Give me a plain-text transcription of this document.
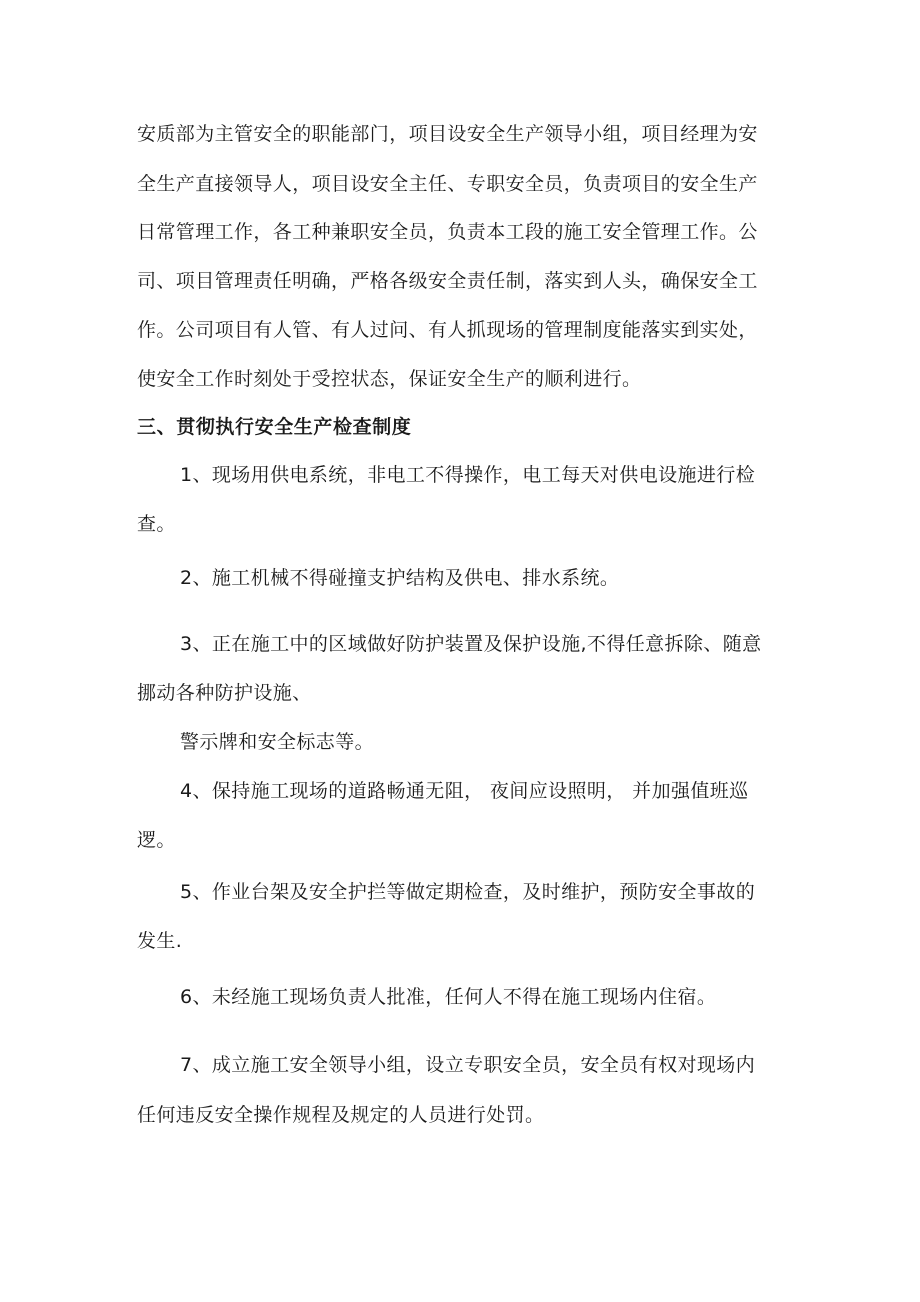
安质部为主管安全的职能部门，项目设安全生产领导小组，项目经理为安
全生产直接领导人，项目设安全主任、专职安全员，负责项目的安全生产
日常管理工作，各工种兼职安全员，负责本工段的施工安全管理工作。公
司、项目管理责任明确，严格各级安全责任制，落实到人头，确保安全工
作。公司项目有人管、有人过问、有人抓现场的管理制度能落实到实处，
使安全工作时刻处于受控状态，保证安全生产的顺利进行。
三、贯彻执行安全生产检查制度
1、现场用供电系统，非电工不得操作，电工每天对供电设施进行检
查。
2、施工机械不得碰撞支护结构及供电、排水系统。
3、正在施工中的区域做好防护装置及保护设施,不得任意拆除、随意
挪动各种防护设施、
警示牌和安全标志等。
4、保持施工现场的道路畅通无阻， 夜间应设照明， 并加强值班巡
逻。
5、作业台架及安全护拦等做定期检查，及时维护，预防安全事故的
发生.
6、未经施工现场负责人批准，任何人不得在施工现场内住宿。
7、成立施工安全领导小组，设立专职安全员，安全员有权对现场内
任何违反安全操作规程及规定的人员进行处罚。
